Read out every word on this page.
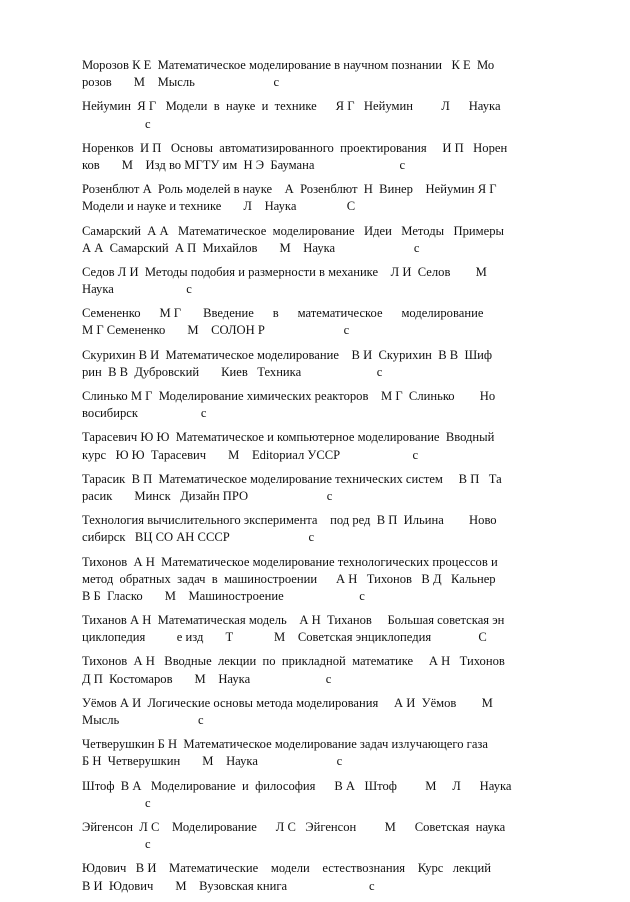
Морозов К Е  Математическое моделирование в научном познании   К Е  Мо
розов       М    Мысль                         с
Нейумин  Я Г   Модели  в  науке  и  технике      Я Г   Нейумин         Л      Наука
с
Норенков  И П   Основы  автоматизированного  проектирования     И П   Норен
ков       М    Изд во МГТУ им  Н Э  Баумана                           с
Розенблют А  Роль моделей в науке    А  Розенблют  Н  Винер    Нейумин Я Г
Модели и науке и технике       Л    Наука                С
Самарский  А А   Математическое  моделирование   Идеи   Методы   Примеры
А А  Самарский  А П  Михайлов       М    Наука                         с
Седов Л И  Методы подобия и размерности в механике    Л И  Селов        М
Наука                       с
Семененко      М Г       Введение      в      математическое      моделирование
М Г Семененко       М    СОЛОН Р                         с
Скурихин В И  Математическое моделирование    В И  Скурихин  В В  Шиф
рин  В В  Дубровский       Киев   Техника                        с
Слинько М Г  Моделирование химических реакторов    М Г  Слинько        Но
восибирск                    с
Тарасевич Ю Ю  Математическое и компьютерное моделирование  Вводный
курс   Ю Ю  Тарасевич       М    Еditориал УССР                       с
Тарасик  В П  Математическое моделирование технических систем     В П   Та
расик       Минск   Дизайн ПРО                         с
Технология вычислительного эксперимента    под ред  В П  Ильина        Ново
сибирск   ВЦ СО АН СССР                         с
Тихонов  А Н  Математическое моделирование технологических процессов и
метод  обратных  задач  в  машиностроении      А Н   Тихонов   В Д   Кальнер
В Б  Гласко       М    Машиностроение                        с
Тиханов А Н  Математическая модель    А Н  Тиханов     Большая советская эн
циклопедия          е изд       Т             М    Советская энциклопедия               С
Тихонов  А Н   Вводные  лекции  по  прикладной  математике     А Н   Тихонов
Д П  Костомаров       М    Наука                        с
Уёмов А И  Логические основы метода моделирования     А И  Уёмов        М
Мысль                         с
Четверушкин Б Н  Математическое моделирование задач излучающего газа
Б Н  Четверушкин       М    Наука                         с
Штоф  В А   Моделирование  и  философия      В А   Штоф         М     Л      Наука
с
Эйгенсон  Л С    Моделирование      Л С   Эйгенсон         М      Советская  наука
с
Юдович   В И    Математические    модели    естествознания    Курс   лекций
В И  Юдович       М    Вузовская книга                          с
